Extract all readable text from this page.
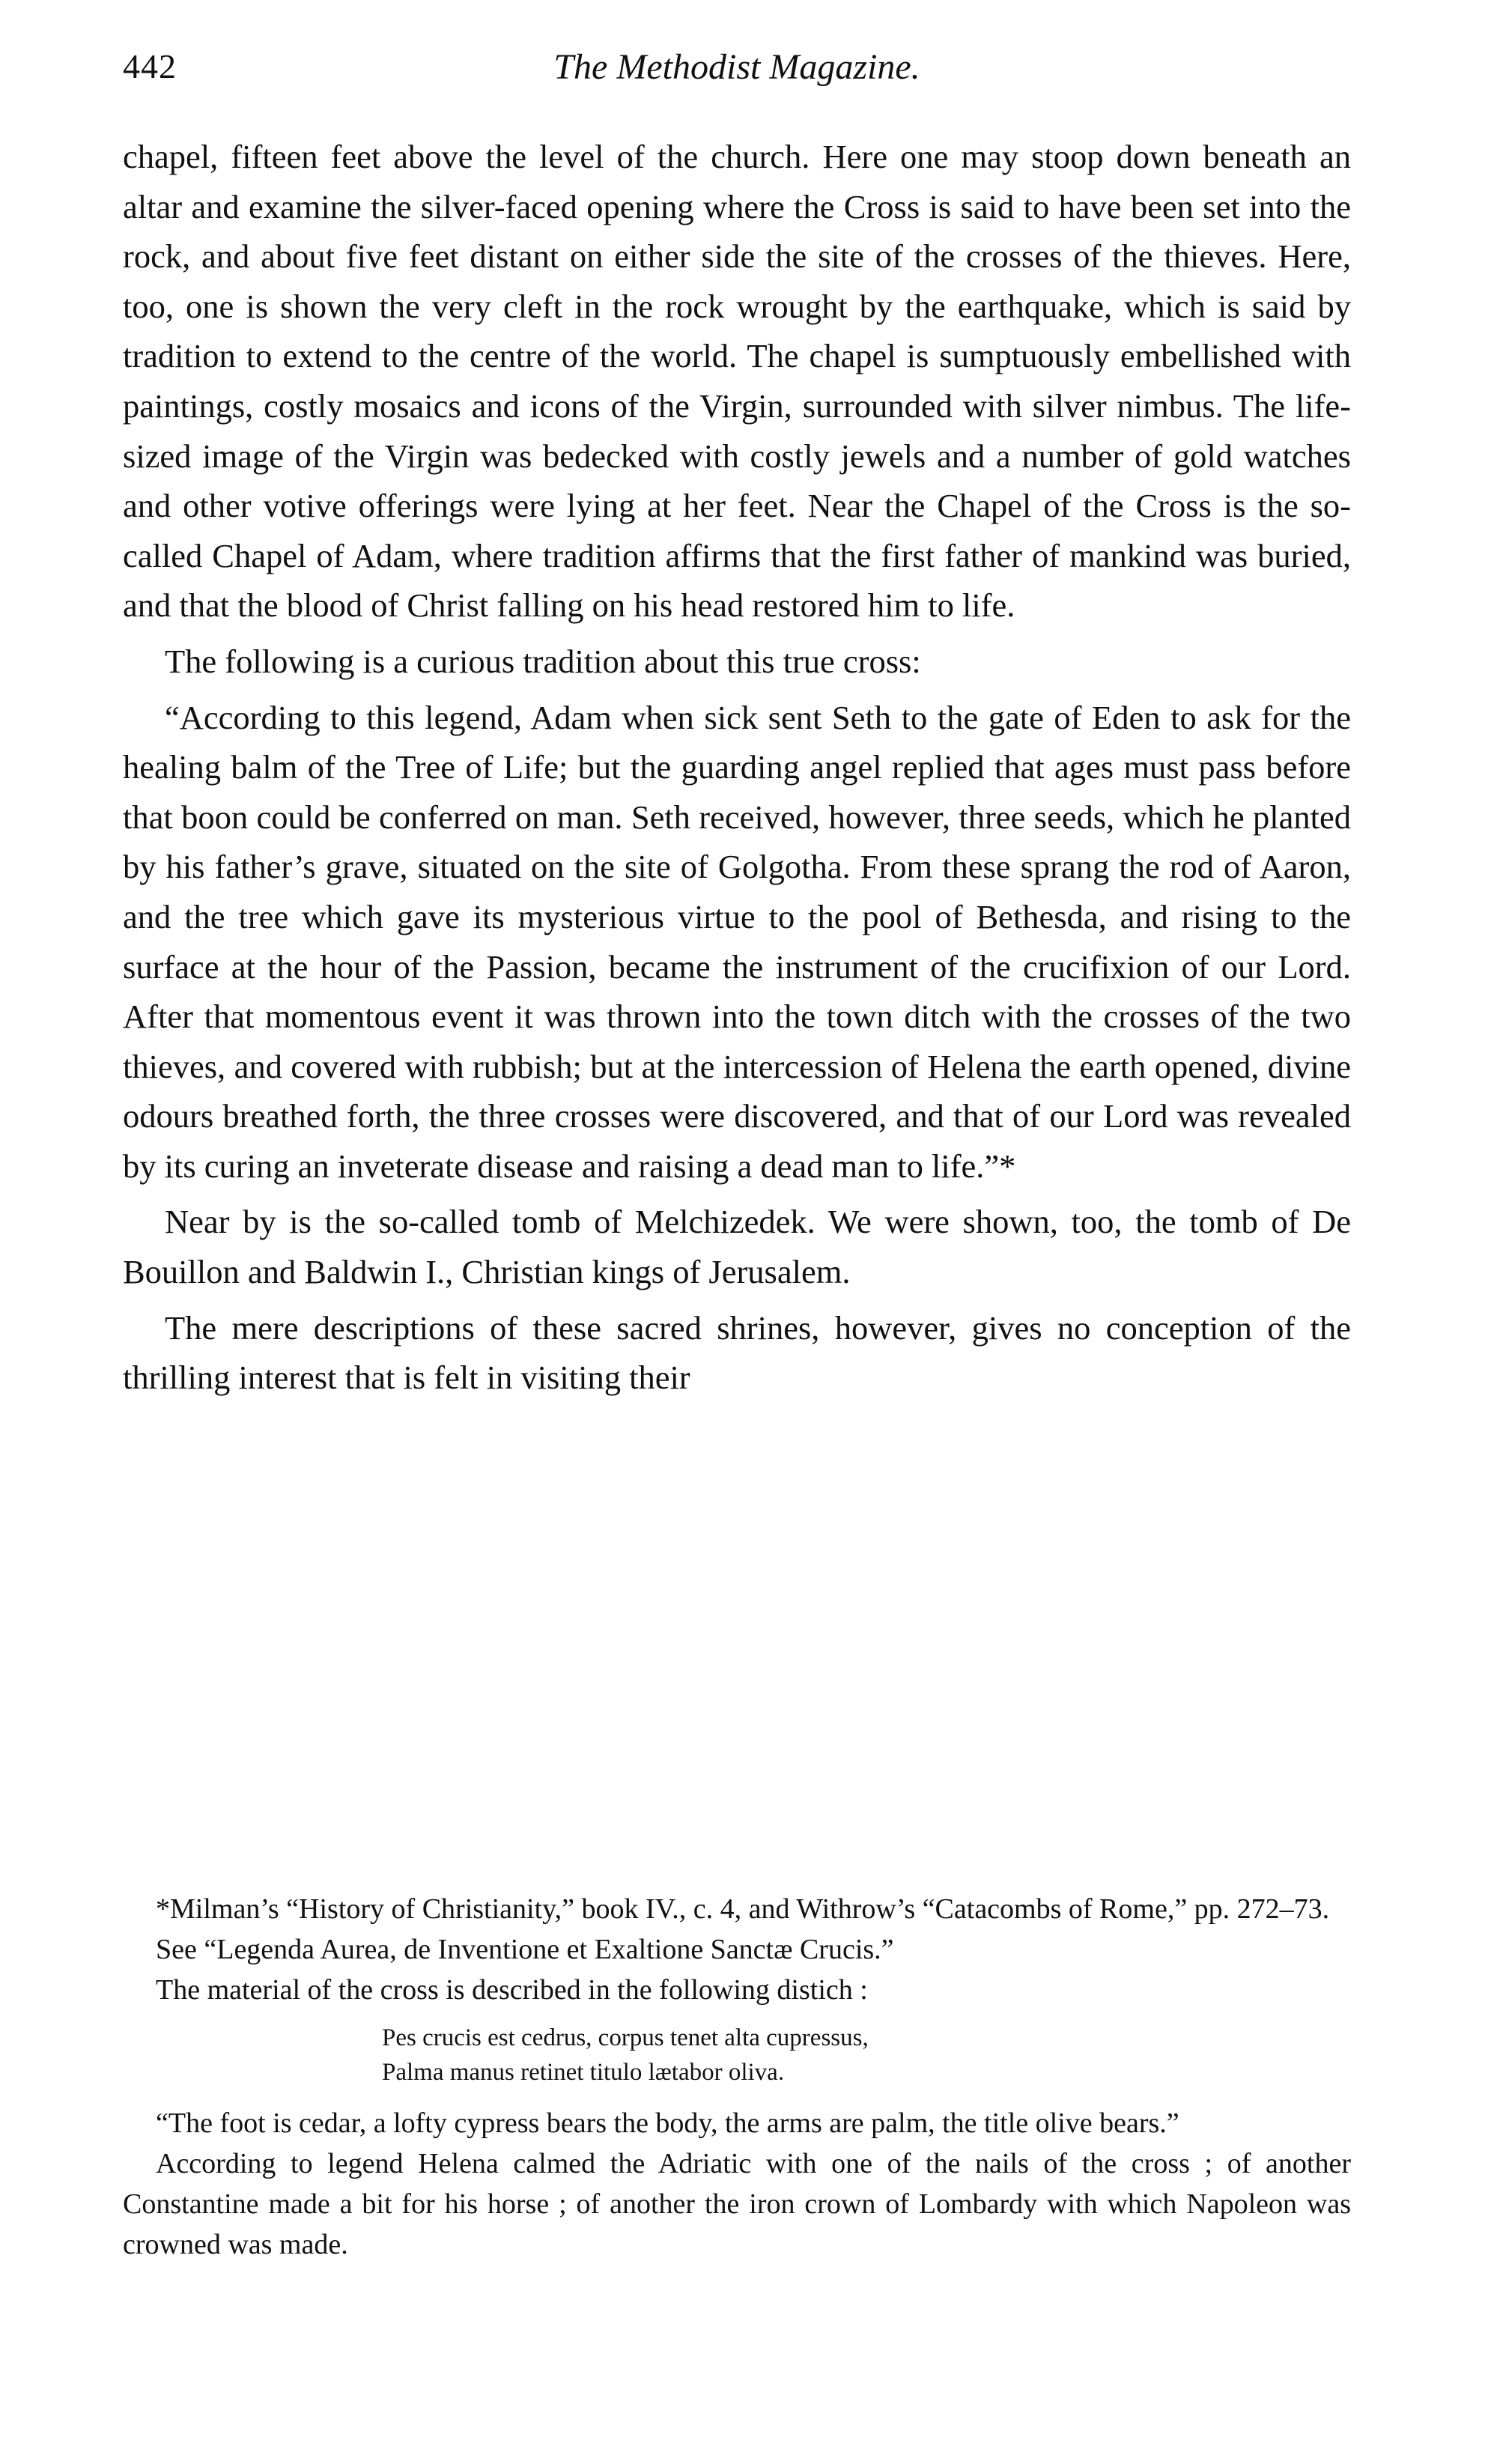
442	The Methodist Magazine.

chapel, fifteen feet above the level of the church. Here one may stoop down beneath an altar and examine the silver-faced opening where the Cross is said to have been set into the rock, and about five feet distant on either side the site of the crosses of the thieves. Here, too, one is shown the very cleft in the rock wrought by the earthquake, which is said by tradition to extend to the centre of the world. The chapel is sumptuously embellished with paintings, costly mosaics and icons of the Virgin, surrounded with silver nimbus. The life-sized image of the Virgin was bedecked with costly jewels and a number of gold watches and other votive offerings were lying at her feet. Near the Chapel of the Cross is the so-called Chapel of Adam, where tradition affirms that the first father of mankind was buried, and that the blood of Christ falling on his head restored him to life.

The following is a curious tradition about this true cross:

“According to this legend, Adam when sick sent Seth to the gate of Eden to ask for the healing balm of the Tree of Life; but the guarding angel replied that ages must pass before that boon could be conferred on man. Seth received, however, three seeds, which he planted by his father’s grave, situated on the site of Golgotha. From these sprang the rod of Aaron, and the tree which gave its mysterious virtue to the pool of Bethesda, and rising to the surface at the hour of the Passion, became the instrument of the crucifixion of our Lord. After that momentous event it was thrown into the town ditch with the crosses of the two thieves, and covered with rubbish; but at the intercession of Helena the earth opened, divine odours breathed forth, the three crosses were discovered, and that of our Lord was revealed by its curing an inveterate disease and raising a dead man to life.”*

Near by is the so-called tomb of Melchizedek. We were shown, too, the tomb of De Bouillon and Baldwin I., Christian kings of Jerusalem.

The mere descriptions of these sacred shrines, however, gives no conception of the thrilling interest that is felt in visiting their

*Milman’s “History of Christianity,” book IV., c. 4, and Withrow’s “Catacombs of Rome,” pp. 272–73.

See “Legenda Aurea, de Inventione et Exaltione Sanctæ Crucis.”

The material of the cross is described in the following distich :

Pes crucis est cedrus, corpus tenet alta cupressus,
Palma manus retinet titulo lætabor oliva.

“The foot is cedar, a lofty cypress bears the body, the arms are palm, the title olive bears.”

According to legend Helena calmed the Adriatic with one of the nails of the cross ; of another Constantine made a bit for his horse ; of another the iron crown of Lombardy with which Napoleon was crowned was made.
